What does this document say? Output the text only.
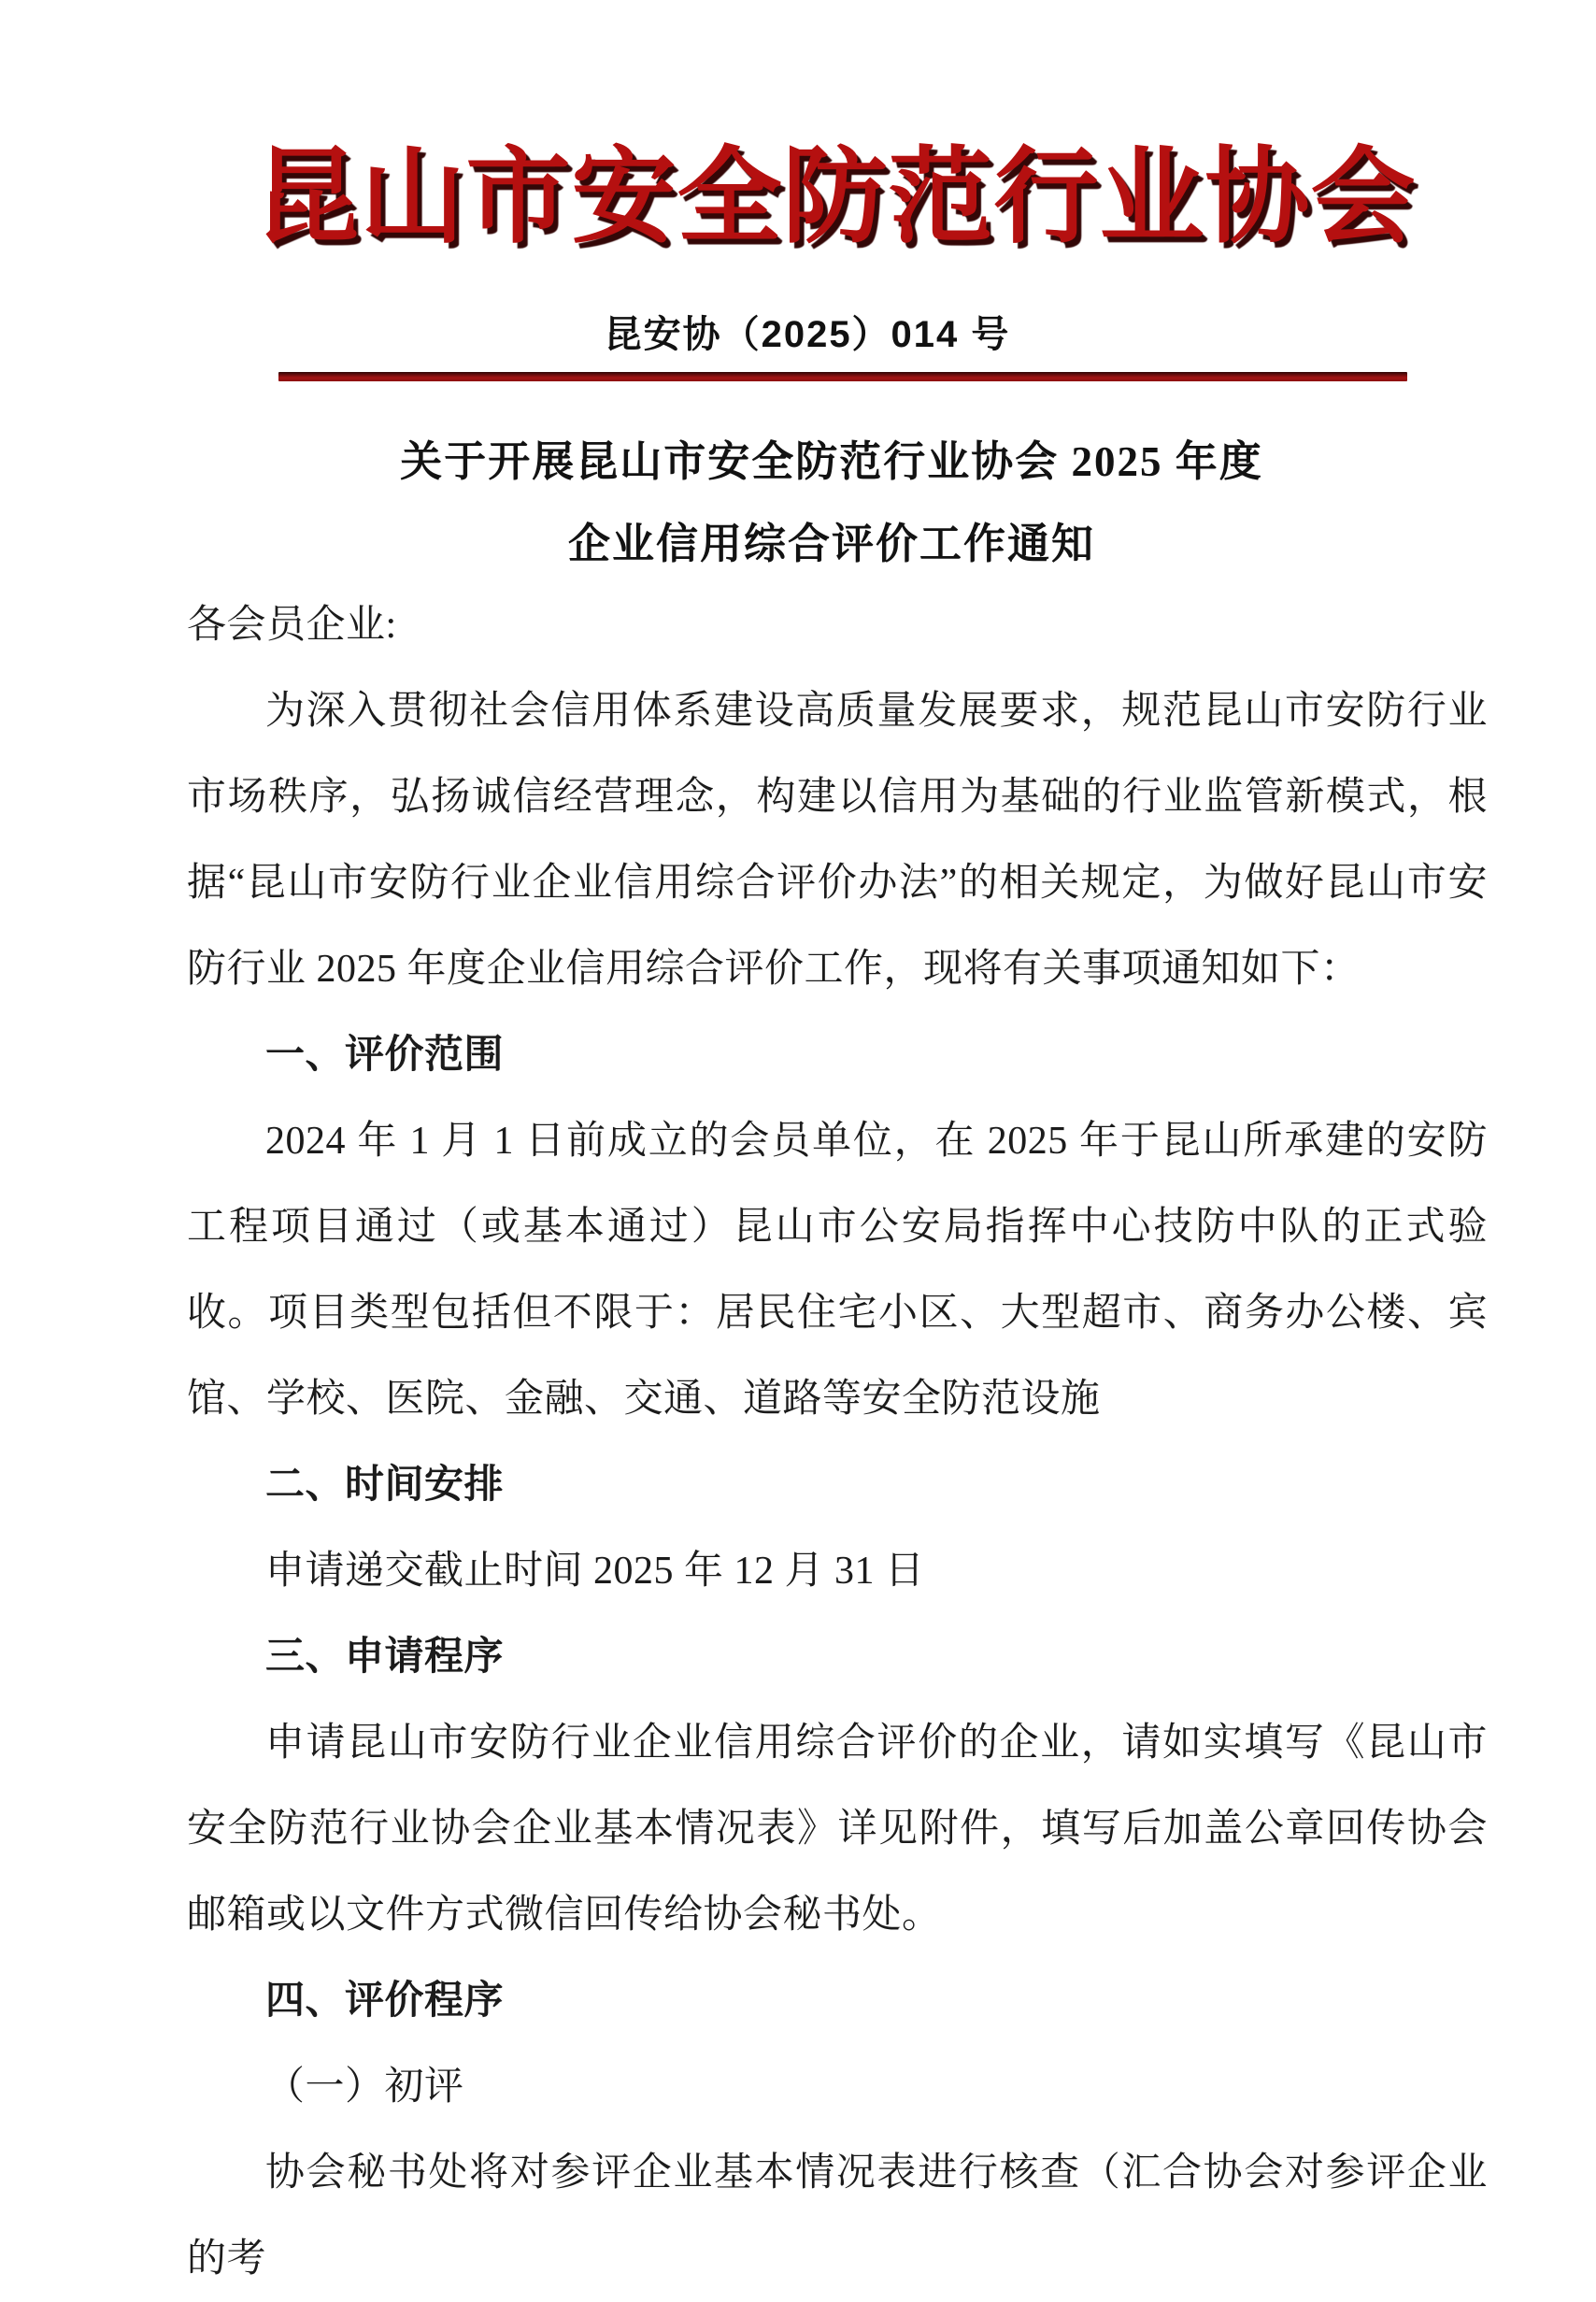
昆山市安全防范行业协会
昆安协（2025）014 号
关于开展昆山市安全防范行业协会 2025 年度
企业信用综合评价工作通知

各会员企业:

为深入贯彻社会信用体系建设高质量发展要求，规范昆山市安防行业市场秩序，弘扬诚信经营理念，构建以信用为基础的行业监管新模式，根据“昆山市安防行业企业信用综合评价办法”的相关规定，为做好昆山市安防行业 2025 年度企业信用综合评价工作，现将有关事项通知如下：

一、评价范围

2024 年 1 月 1 日前成立的会员单位，在 2025 年于昆山所承建的安防工程项目通过（或基本通过）昆山市公安局指挥中心技防中队的正式验收。项目类型包括但不限于：居民住宅小区、大型超市、商务办公楼、宾馆、学校、医院、金融、交通、道路等安全防范设施

二、时间安排

申请递交截止时间 2025 年 12 月 31 日

三、申请程序

申请昆山市安防行业企业信用综合评价的企业，请如实填写《昆山市安全防范行业协会企业基本情况表》详见附件，填写后加盖公章回传协会邮箱或以文件方式微信回传给协会秘书处。

四、评价程序

（一）初评

协会秘书处将对参评企业基本情况表进行核查（汇合协会对参评企业的考
